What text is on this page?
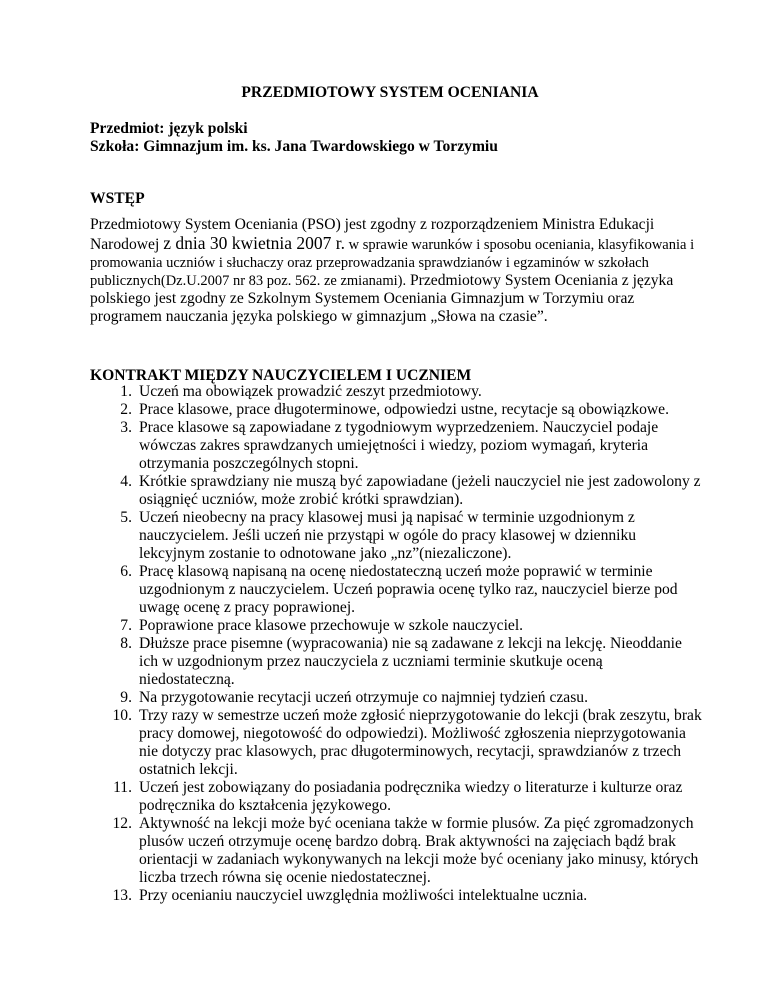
PRZEDMIOTOWY SYSTEM OCENIANIA
Przedmiot: język polski
Szkoła: Gimnazjum im. ks. Jana Twardowskiego w Torzymiu
WSTĘP

Przedmiotowy System Oceniania (PSO) jest zgodny z rozporządzeniem Ministra Edukacji Narodowej z dnia 30 kwietnia 2007 r. w sprawie warunków i sposobu oceniania, klasyfikowania i promowania uczniów i słuchaczy oraz przeprowadzania sprawdzianów i egzaminów w szkołach publicznych(Dz.U.2007 nr 83 poz. 562. ze zmianami). Przedmiotowy System Oceniania z języka polskiego jest zgodny ze Szkolnym Systemem Oceniania Gimnazjum w Torzymiu oraz programem nauczania języka polskiego w gimnazjum „Słowa na czasie”.

KONTRAKT MIĘDZY NAUCZYCIELEM I UCZNIEM
1. Uczeń ma obowiązek prowadzić zeszyt przedmiotowy.
2. Prace klasowe, prace długoterminowe, odpowiedzi ustne, recytacje są obowiązkowe.
3. Prace klasowe są zapowiadane z tygodniowym wyprzedzeniem. Nauczyciel podaje wówczas zakres sprawdzanych umiejętności i wiedzy, poziom wymagań, kryteria otrzymania poszczególnych stopni.
4. Krótkie sprawdziany nie muszą być zapowiadane (jeżeli nauczyciel nie jest zadowolony z osiągnięć uczniów, może zrobić krótki sprawdzian).
5. Uczeń nieobecny na pracy klasowej musi ją napisać w terminie uzgodnionym z nauczycielem. Jeśli uczeń nie przystąpi w ogóle do pracy klasowej w dzienniku lekcyjnym zostanie to odnotowane jako „nz”(niezaliczone).
6. Pracę klasową napisaną na ocenę niedostateczną uczeń może poprawić w terminie uzgodnionym z nauczycielem. Uczeń poprawia ocenę tylko raz, nauczyciel bierze pod uwagę ocenę z pracy poprawionej.
7. Poprawione prace klasowe przechowuje w szkole nauczyciel.
8. Dłuższe prace pisemne (wypracowania) nie są zadawane z lekcji na lekcję. Nieoddanie ich w uzgodnionym przez nauczyciela z uczniami terminie skutkuje oceną niedostateczną.
9. Na przygotowanie recytacji uczeń otrzymuje co najmniej tydzień czasu.
10. Trzy razy w semestrze uczeń może zgłosić nieprzygotowanie do lekcji (brak zeszytu, brak pracy domowej, niegotowość do odpowiedzi). Możliwość zgłoszenia nieprzygotowania nie dotyczy prac klasowych, prac długoterminowych, recytacji, sprawdzianów z trzech ostatnich lekcji.
11. Uczeń jest zobowiązany do posiadania podręcznika wiedzy o literaturze i kulturze oraz podręcznika do kształcenia językowego.
12. Aktywność na lekcji może być oceniana także w formie plusów. Za pięć zgromadzonych plusów uczeń otrzymuje ocenę bardzo dobrą. Brak aktywności na zajęciach bądź brak orientacji w zadaniach wykonywanych na lekcji może być oceniany jako minusy, których liczba trzech równa się ocenie niedostatecznej.
13. Przy ocenianiu nauczyciel uwzględnia możliwości intelektualne ucznia.
